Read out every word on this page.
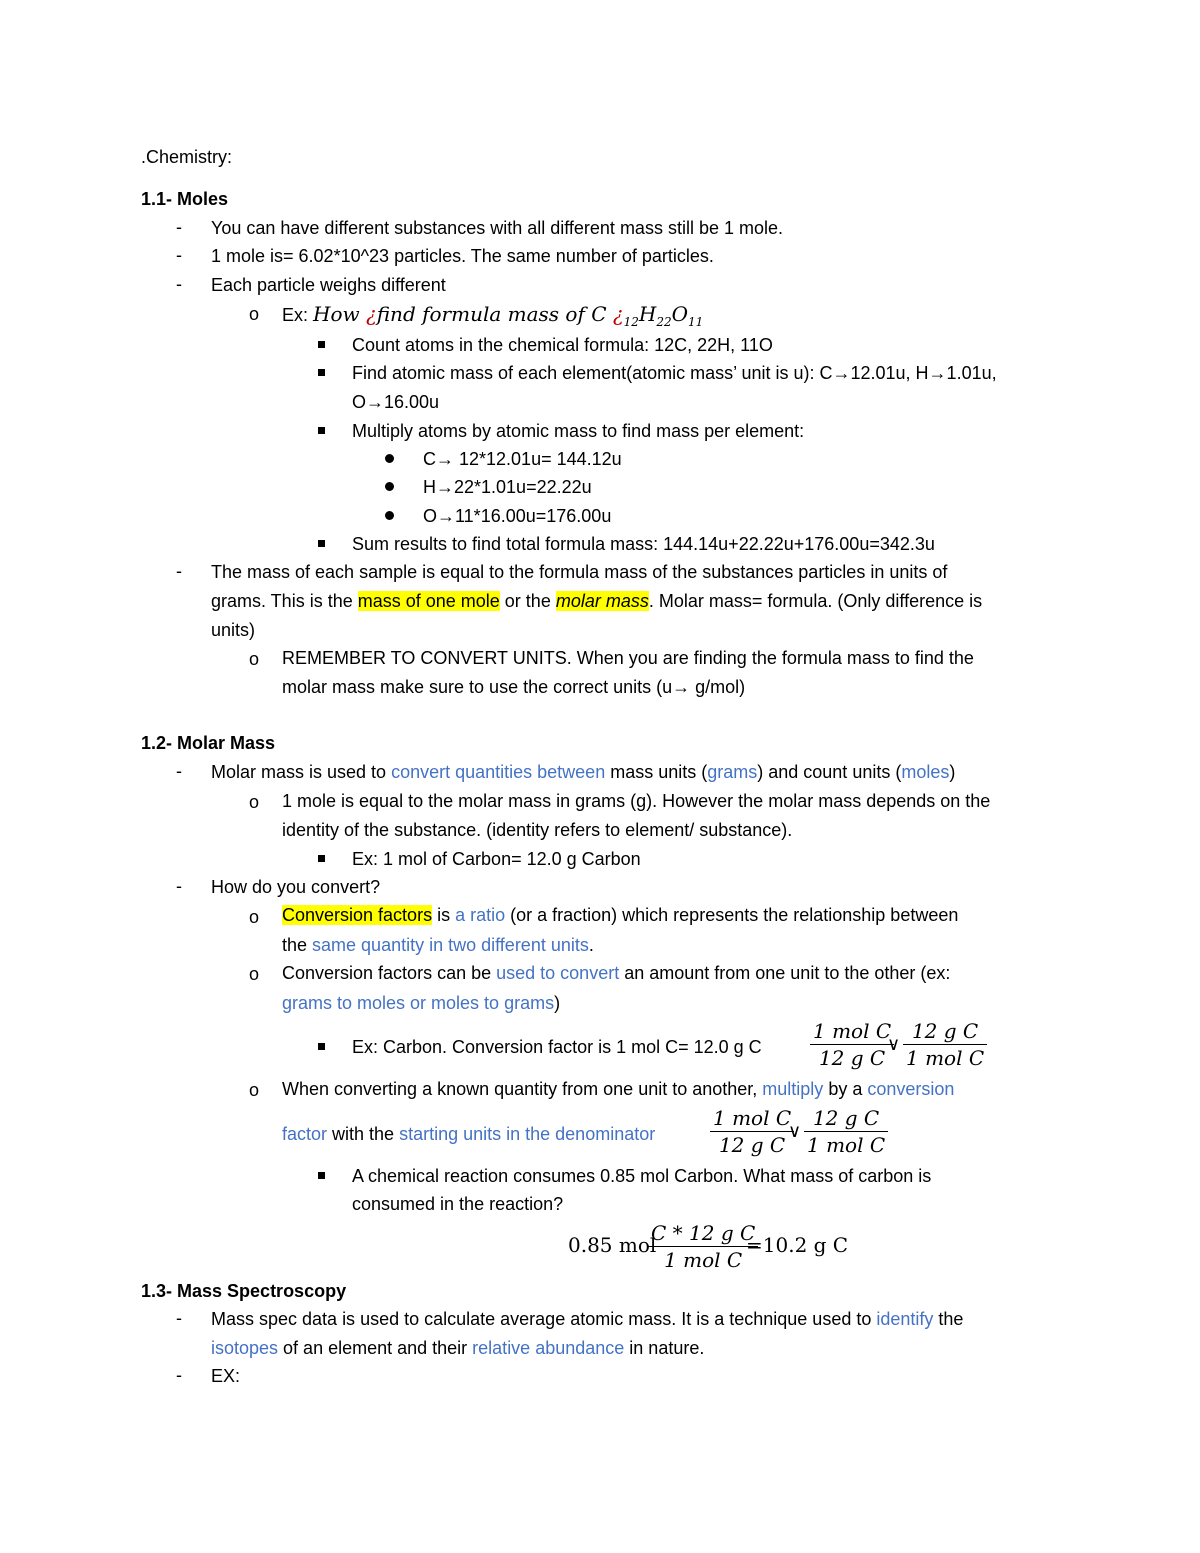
.Chemistry:
1.1- Moles
- You can have different substances with all different mass still be 1 mole.
- 1 mole is= 6.02*10^23 particles. The same number of particles.
- Each particle weighs different
o Ex: How ¿find formula mass of C ¿$_{12}H_{22}O_{11}$
Count atoms in the chemical formula: 12C, 22H, 11O
Find atomic mass of each element(atomic mass’ unit is u): C→12.01u, H→1.01u,
O→16.00u
Multiply atoms by atomic mass to find mass per element:
C→ 12*12.01u= 144.12u
H→22*1.01u=22.22u
O→11*16.00u=176.00u
Sum results to find total formula mass: 144.14u+22.22u+176.00u=342.3u
- The mass of each sample is equal to the formula mass of the substances particles in units of
grams. This is the mass of one mole or the molar mass. Molar mass= formula. (Only difference is
units)
o REMEMBER TO CONVERT UNITS. When you are finding the formula mass to find the
molar mass make sure to use the correct units (u→ g/mol)
1.2- Molar Mass
- Molar mass is used to convert quantities between mass units (grams) and count units (moles)
o 1 mole is equal to the molar mass in grams (g). However the molar mass depends on the
identity of the substance. (identity refers to element/ substance).
Ex: 1 mol of Carbon= 12.0 g Carbon
- How do you convert?
o Conversion factors is a ratio (or a fraction) which represents the relationship between
the same quantity in two different units.
o Conversion factors can be used to convert an amount from one unit to the other (ex:
grams to moles or moles to grams)
Ex: Carbon. Conversion factor is 1 mol C= 12.0 g C
1 mol C
12 g C
∨
12 g C
1 mol C
o When converting a known quantity from one unit to another, multiply by a conversion
factor with the starting units in the denominator
1 mol C
12 g C
∨
12 g C
1 mol C
A chemical reaction consumes 0.85 mol Carbon. What mass of carbon is
consumed in the reaction?
0.85 mol
C * 12 g C
1 mol C
=10.2 g C
1.3- Mass Spectroscopy
- Mass spec data is used to calculate average atomic mass. It is a technique used to identify the
isotopes of an element and their relative abundance in nature.
- EX:
